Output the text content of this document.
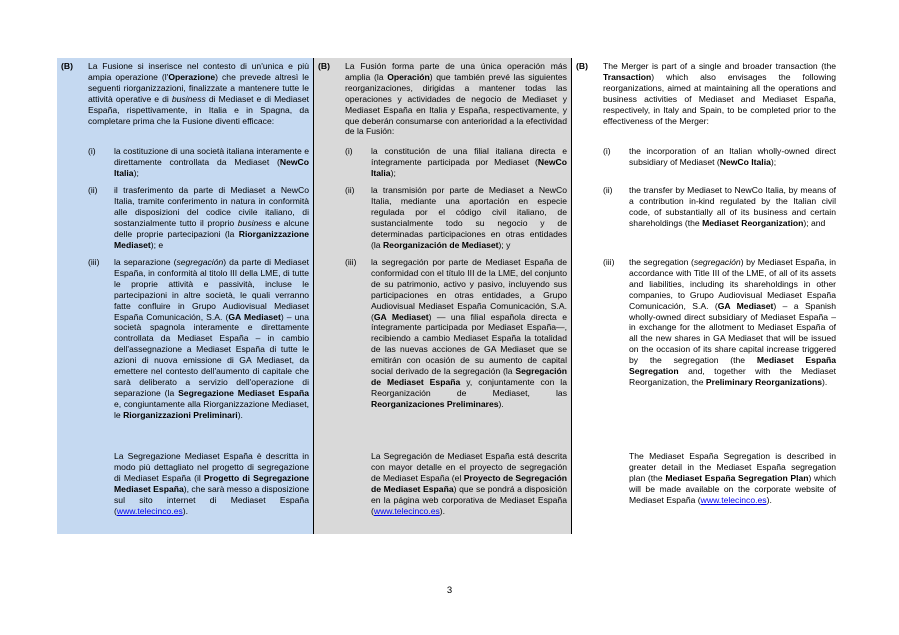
(B) La Fusione si inserisce nel contesto di un'unica e più ampia operazione (l'Operazione) che prevede altresì le seguenti riorganizzazioni, finalizzate a mantenere tutte le attività operative e di business di Mediaset e di Mediaset España, rispettivamente, in Italia e in Spagna, da completare prima che la Fusione diventi efficace:
(i) la costituzione di una società italiana interamente e direttamente controllata da Mediaset (NewCo Italia);
(ii) il trasferimento da parte di Mediaset a NewCo Italia, tramite conferimento in natura in conformità alle disposizioni del codice civile italiano, di sostanzialmente tutto il proprio business e alcune delle proprie partecipazioni (la Riorganizzazione Mediaset); e
(iii) la separazione (segregación) da parte di Mediaset España, in conformità al titolo III della LME, di tutte le proprie attività e passività, incluse le partecipazioni in altre società, le quali verranno fatte confluire in Grupo Audiovisual Mediaset España Comunicación, S.A. (GA Mediaset) – una società spagnola interamente e direttamente controllata da Mediaset España – in cambio dell'assegnazione a Mediaset España di tutte le azioni di nuova emissione di GA Mediaset, da emettere nel contesto dell'aumento di capitale che sarà deliberato a servizio dell'operazione di separazione (la Segregazione Mediaset España e, congiuntamente alla Riorganizzazione Mediaset, le Riorganizzazioni Preliminari).
La Segregazione Mediaset España è descritta in modo più dettagliato nel progetto di segregazione di Mediaset España (il Progetto di Segregazione Mediaset España), che sarà messo a disposizione sul sito internet di Mediaset España (www.telecinco.es).
(B) La Fusión forma parte de una única operación más amplia (la Operación) que también prevé las siguientes reorganizaciones, dirigidas a mantener todas las operaciones y actividades de negocio de Mediaset y Mediaset España en Italia y España, respectivamente, y que deberán consumarse con anterioridad a la efectividad de la Fusión:
(i) la constitución de una filial italiana directa e íntegramente participada por Mediaset (NewCo Italia);
(ii) la transmisión por parte de Mediaset a NewCo Italia, mediante una aportación en especie regulada por el código civil italiano, de sustancialmente todo su negocio y de determinadas participaciones en otras entidades (la Reorganización de Mediaset); y
(iii) la segregación por parte de Mediaset España de conformidad con el título III de la LME, del conjunto de su patrimonio, activo y pasivo, incluyendo sus participaciones en otras entidades, a Grupo Audiovisual Mediaset España Comunicación, S.A. (GA Mediaset) — una filial española directa e íntegramente participada por Mediaset España—, recibiendo a cambio Mediaset España la totalidad de las nuevas acciones de GA Mediaset que se emitirán con ocasión de su aumento de capital social derivado de la segregación (la Segregación de Mediaset España y, conjuntamente con la Reorganización de Mediaset, las Reorganizaciones Preliminares).
La Segregación de Mediaset España está descrita con mayor detalle en el proyecto de segregación de Mediaset España (el Proyecto de Segregación de Mediaset España) que se pondrá a disposición en la página web corporativa de Mediaset España (www.telecinco.es).
(B) The Merger is part of a single and broader transaction (the Transaction) which also envisages the following reorganizations, aimed at maintaining all the operations and business activities of Mediaset and Mediaset España, respectively, in Italy and Spain, to be completed prior to the effectiveness of the Merger:
(i) the incorporation of an Italian wholly-owned direct subsidiary of Mediaset (NewCo Italia);
(ii) the transfer by Mediaset to NewCo Italia, by means of a contribution in-kind regulated by the Italian civil code, of substantially all of its business and certain shareholdings (the Mediaset Reorganization); and
(iii) the segregation (segregación) by Mediaset España, in accordance with Title III of the LME, of all of its assets and liabilities, including its shareholdings in other companies, to Grupo Audiovisual Mediaset España Comunicación, S.A. (GA Mediaset) – a Spanish wholly-owned direct subsidiary of Mediaset España – in exchange for the allotment to Mediaset España of all the new shares in GA Mediaset that will be issued on the occasion of its share capital increase triggered by the segregation (the Mediaset España Segregation and, together with the Mediaset Reorganization, the Preliminary Reorganizations).
The Mediaset España Segregation is described in greater detail in the Mediaset España segregation plan (the Mediaset España Segregation Plan) which will be made available on the corporate website of Mediaset España (www.telecinco.es).
3
